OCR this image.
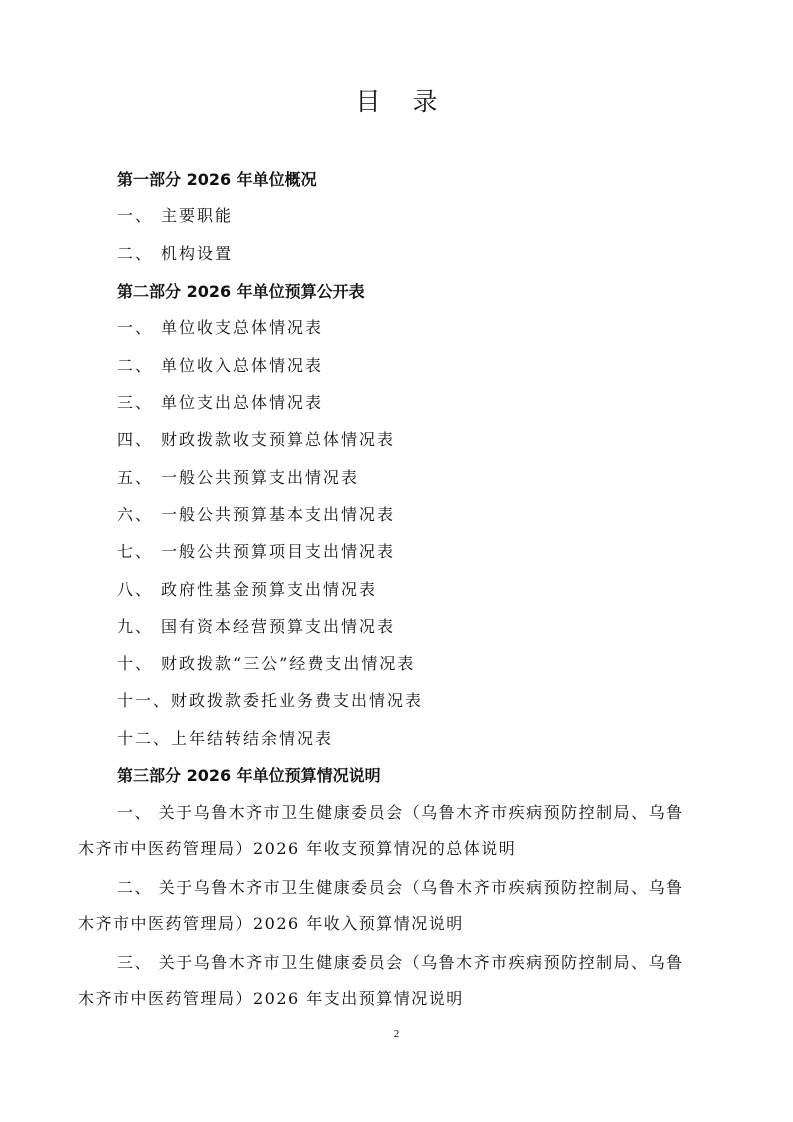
目 录
第一部分 2026 年单位概况
一、 主要职能
二、 机构设置
第二部分 2026 年单位预算公开表
一、 单位收支总体情况表
二、 单位收入总体情况表
三、 单位支出总体情况表
四、 财政拨款收支预算总体情况表
五、 一般公共预算支出情况表
六、 一般公共预算基本支出情况表
七、 一般公共预算项目支出情况表
八、 政府性基金预算支出情况表
九、 国有资本经营预算支出情况表
十、 财政拨款“三公”经费支出情况表
十一、财政拨款委托业务费支出情况表
十二、上年结转结余情况表
第三部分 2026 年单位预算情况说明
一、 关于乌鲁木齐市卫生健康委员会（乌鲁木齐市疾病预防控制局、乌鲁
木齐市中医药管理局）2026 年收支预算情况的总体说明
二、 关于乌鲁木齐市卫生健康委员会（乌鲁木齐市疾病预防控制局、乌鲁
木齐市中医药管理局）2026 年收入预算情况说明
三、 关于乌鲁木齐市卫生健康委员会（乌鲁木齐市疾病预防控制局、乌鲁
木齐市中医药管理局）2026 年支出预算情况说明
2
